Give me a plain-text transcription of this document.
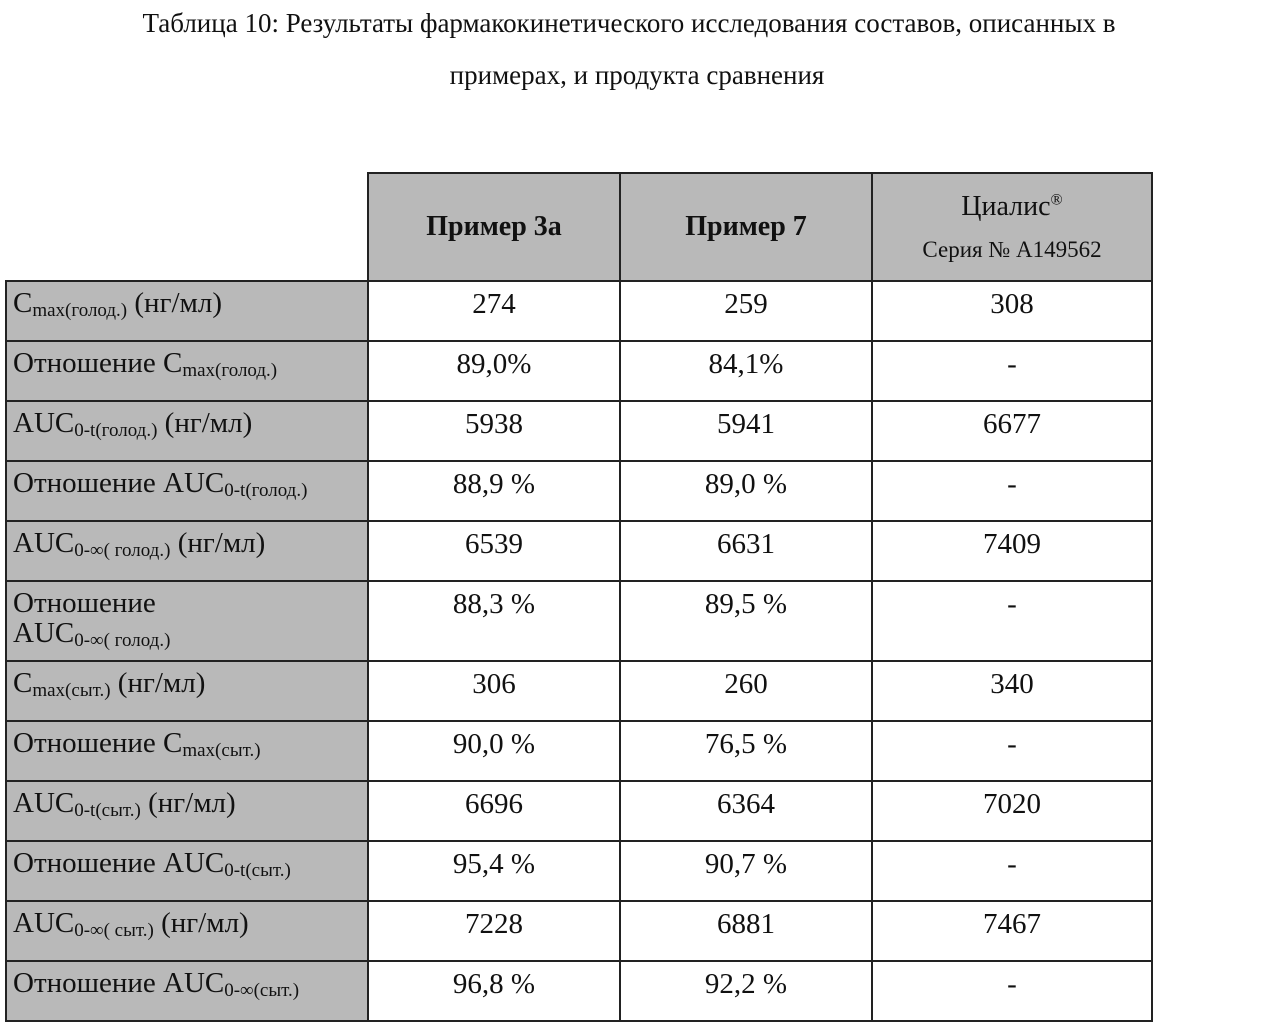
Таблица 10: Результаты фармакокинетического исследования составов, описанных в
примерах, и продукта сравнения
	Пример 3а	Пример 7	Циалис®
Серия № А149562

Cmax(голод.) (нг/мл)	274	259	308
Отношение Cmax(голод.)	89,0%	84,1%	-
AUC0-t(голод.) (нг/мл)	5938	5941	6677
Отношение AUC0-t(голод.)	88,9 %	89,0 %	-
AUC0-∞( голод.) (нг/мл)	6539	6631	7409
Отношение
AUC0-∞( голод.)	88,3 %	89,5 %	-
Cmax(сыт.) (нг/мл)	306	260	340
Отношение Cmax(сыт.)	90,0 %	76,5 %	-
AUC0-t(сыт.) (нг/мл)	6696	6364	7020
Отношение AUC0-t(сыт.)	95,4 %	90,7 %	-
AUC0-∞( сыт.) (нг/мл)	7228	6881	7467
Отношение AUC0-∞(сыт.)	96,8 %	92,2 %	-
